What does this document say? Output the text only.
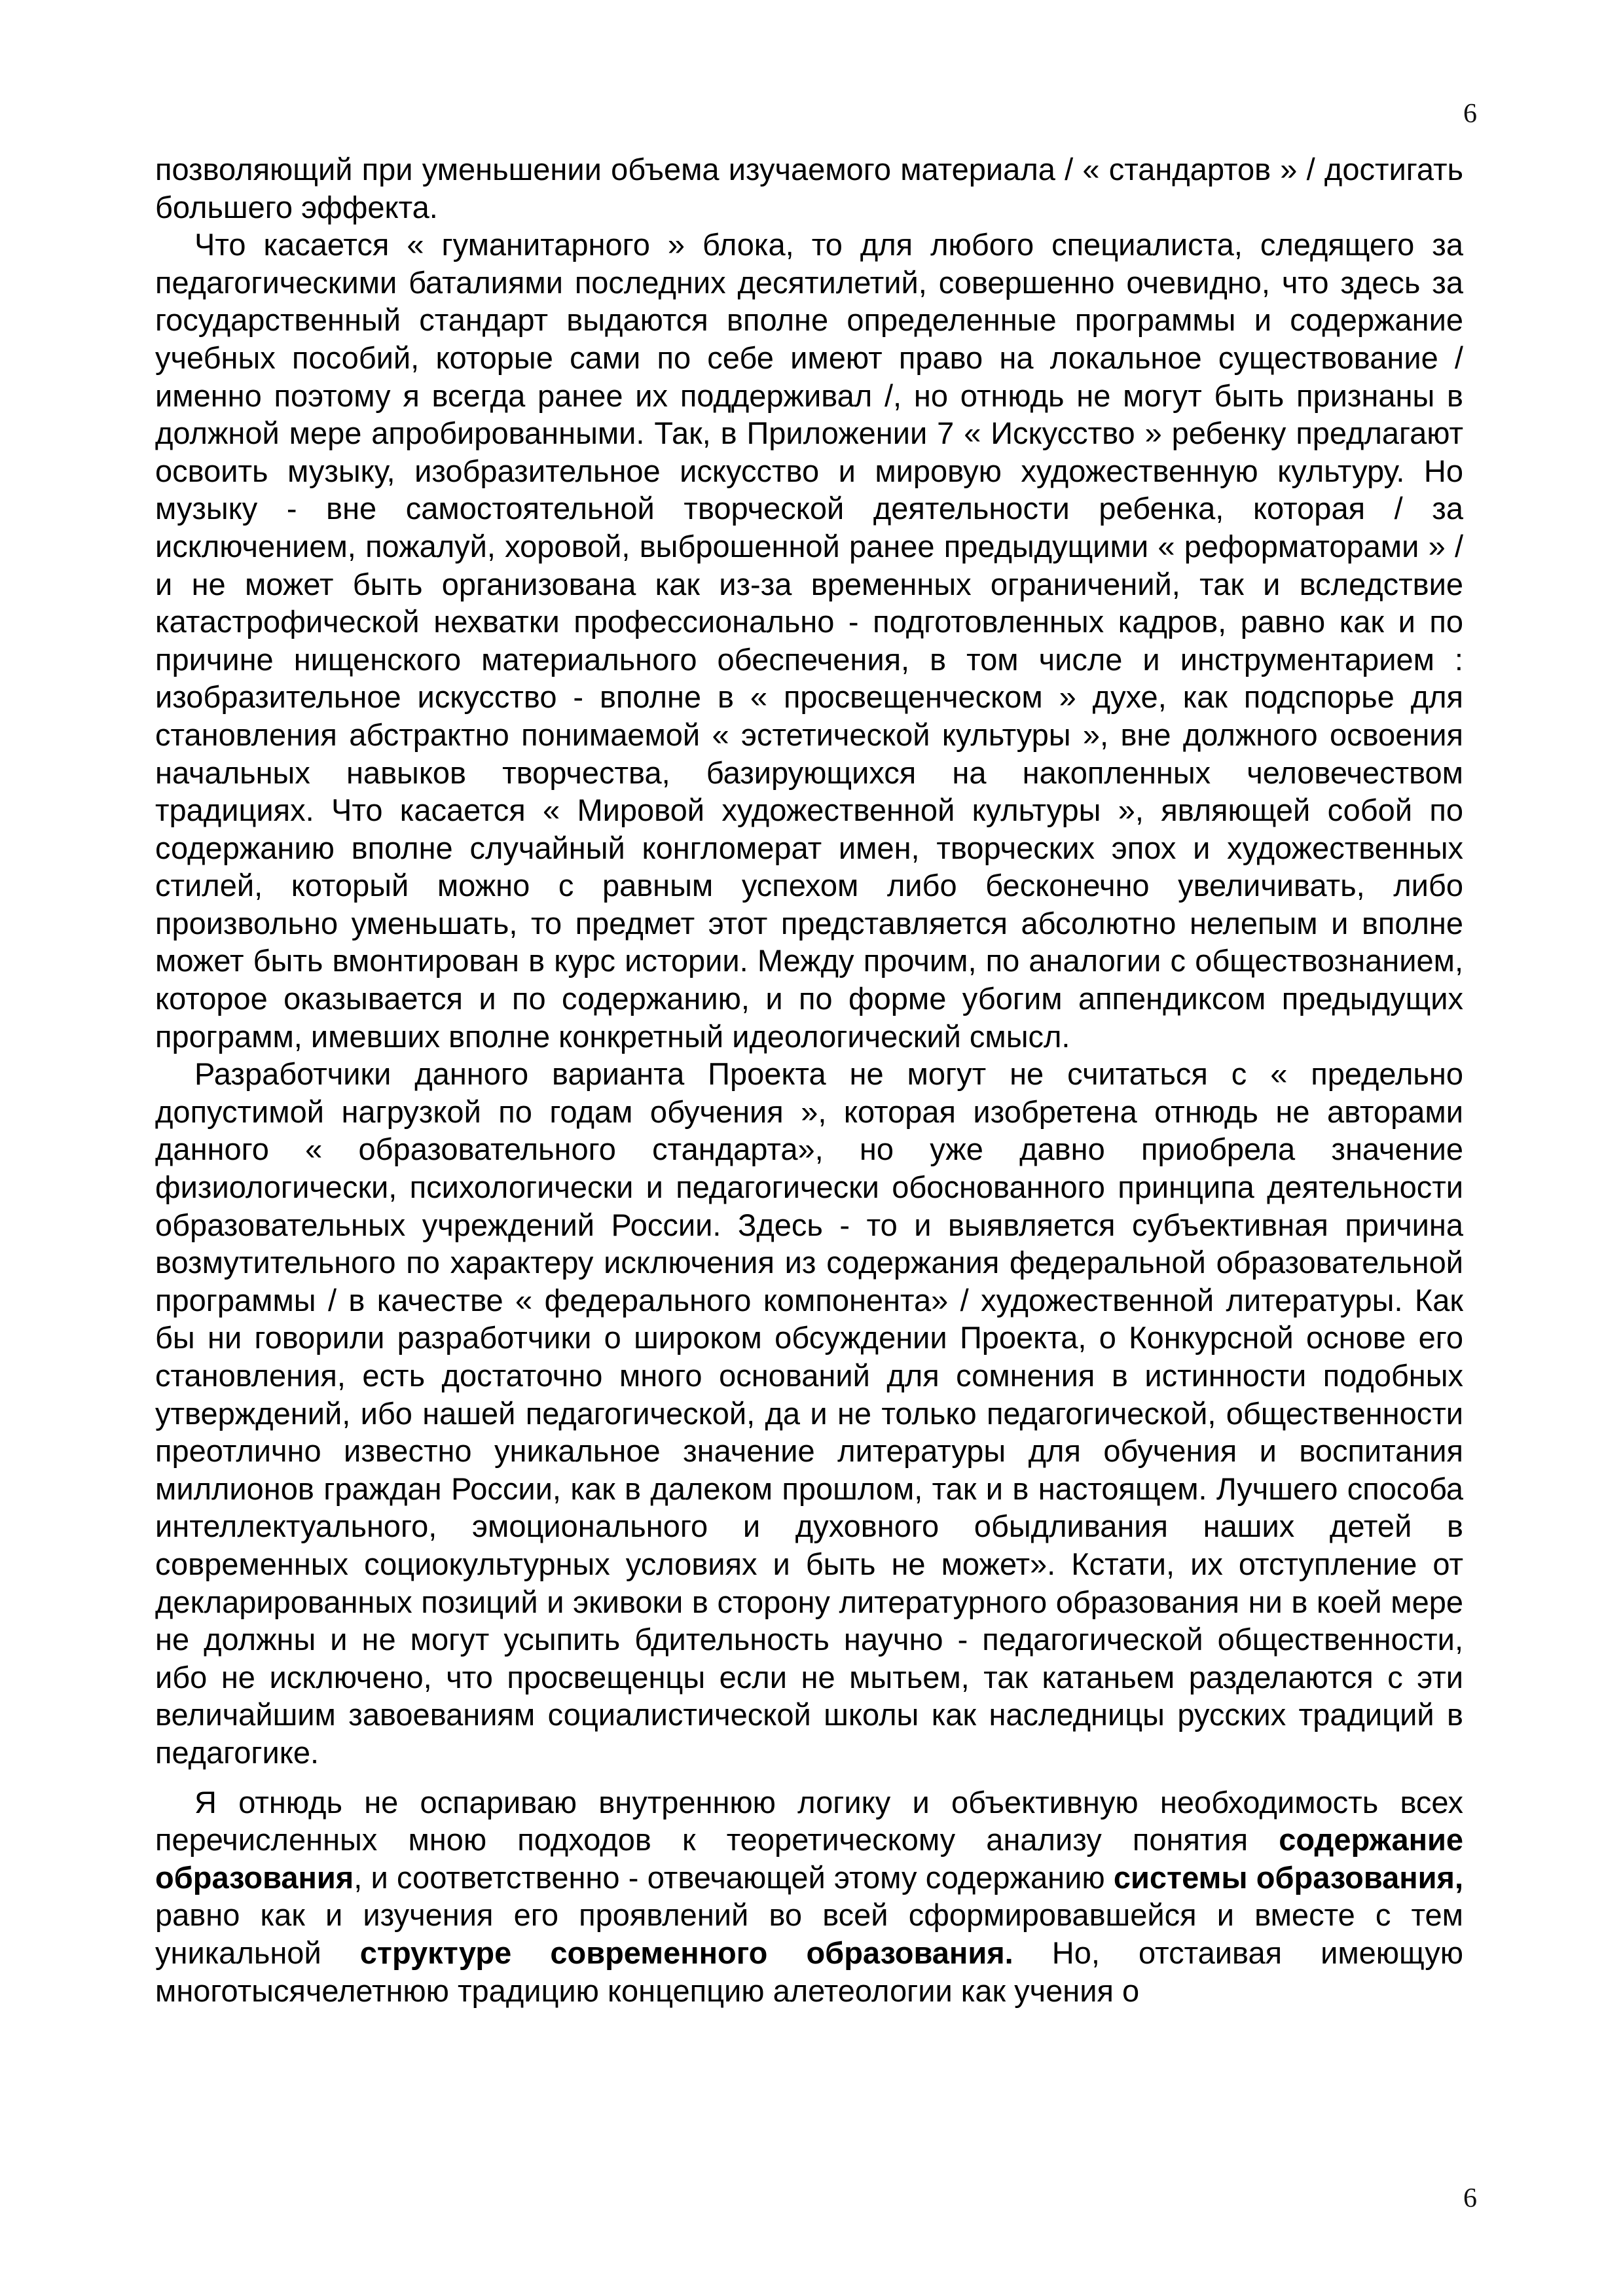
6

позволяющий при уменьшении объема изучаемого материала / « стандартов » / достигать большего эффекта.

Что касается « гуманитарного » блока, то для любого специалиста, следящего за педагогическими баталиями последних десятилетий, совершенно очевидно, что здесь за государственный стандарт выдаются вполне определенные программы и содержание учебных пособий, которые сами по себе имеют право на локальное существование / именно поэтому я всегда ранее их поддерживал /, но отнюдь не могут быть признаны в должной мере апробированными. Так, в Приложении 7 « Искусство » ребенку предлагают освоить музыку, изобразительное искусство и мировую художественную культуру. Но музыку - вне самостоятельной творческой деятельности ребенка, которая / за исключением, пожалуй, хоровой, выброшенной ранее предыдущими « реформаторами » / и не может быть организована как из-за временных ограничений, так и вследствие катастрофической нехватки профессионально - подготовленных кадров, равно как и по причине нищенского материального обеспечения, в том числе и инструментарием : изобразительное искусство - вполне в « просвещенческом » духе, как подспорье для становления абстрактно понимаемой « эстетической культуры », вне должного освоения начальных навыков творчества, базирующихся на накопленных человечеством традициях. Что касается « Мировой художественной культуры », являющей собой по содержанию вполне случайный конгломерат имен, творческих эпох и художественных стилей, который можно с равным успехом либо бесконечно увеличивать, либо произвольно уменьшать, то предмет этот представляется абсолютно нелепым и вполне может быть вмонтирован в курс истории. Между прочим, по аналогии с обществознанием, которое оказывается и по содержанию, и по форме убогим аппендиксом предыдущих программ, имевших вполне конкретный идеологический смысл.

Разработчики данного варианта Проекта не могут не считаться с « предельно допустимой нагрузкой по годам обучения », которая изобретена отнюдь не авторами данного « образовательного стандарта», но уже давно приобрела значение физиологически, психологически и педагогически обоснованного принципа деятельности образовательных учреждений России. Здесь - то и выявляется субъективная причина возмутительного по характеру исключения из содержания федеральной образовательной программы / в качестве « федерального компонента» / художественной литературы. Как бы ни говорили разработчики о широком обсуждении Проекта, о Конкурсной основе его становления, есть достаточно много оснований для сомнения в истинности подобных утверждений, ибо нашей педагогической, да и не только педагогической, общественности преотлично известно уникальное значение литературы для обучения и воспитания миллионов граждан России, как в далеком прошлом, так и в настоящем. Лучшего способа интеллектуального, эмоционального и духовного обыдливания наших детей в современных социокультурных условиях и быть не может». Кстати, их отступление от декларированных позиций и экивоки в сторону литературного образования ни в коей мере не должны и не могут усыпить бдительность научно - педагогической общественности, ибо не исключено, что просвещенцы если не мытьем, так катаньем разделаются с эти величайшим завоеваниям социалистической школы как наследницы русских традиций в педагогике.

Я отнюдь не оспариваю внутреннюю логику и объективную необходимость всех перечисленных мною подходов к теоретическому анализу понятия содержание образования, и соответственно - отвечающей этому содержанию системы образования, равно как и изучения его проявлений во всей сформировавшейся и вместе с тем уникальной структуре современного образования. Но, отстаивая имеющую многотысячелетнюю традицию концепцию алетеологии как учения о

6
